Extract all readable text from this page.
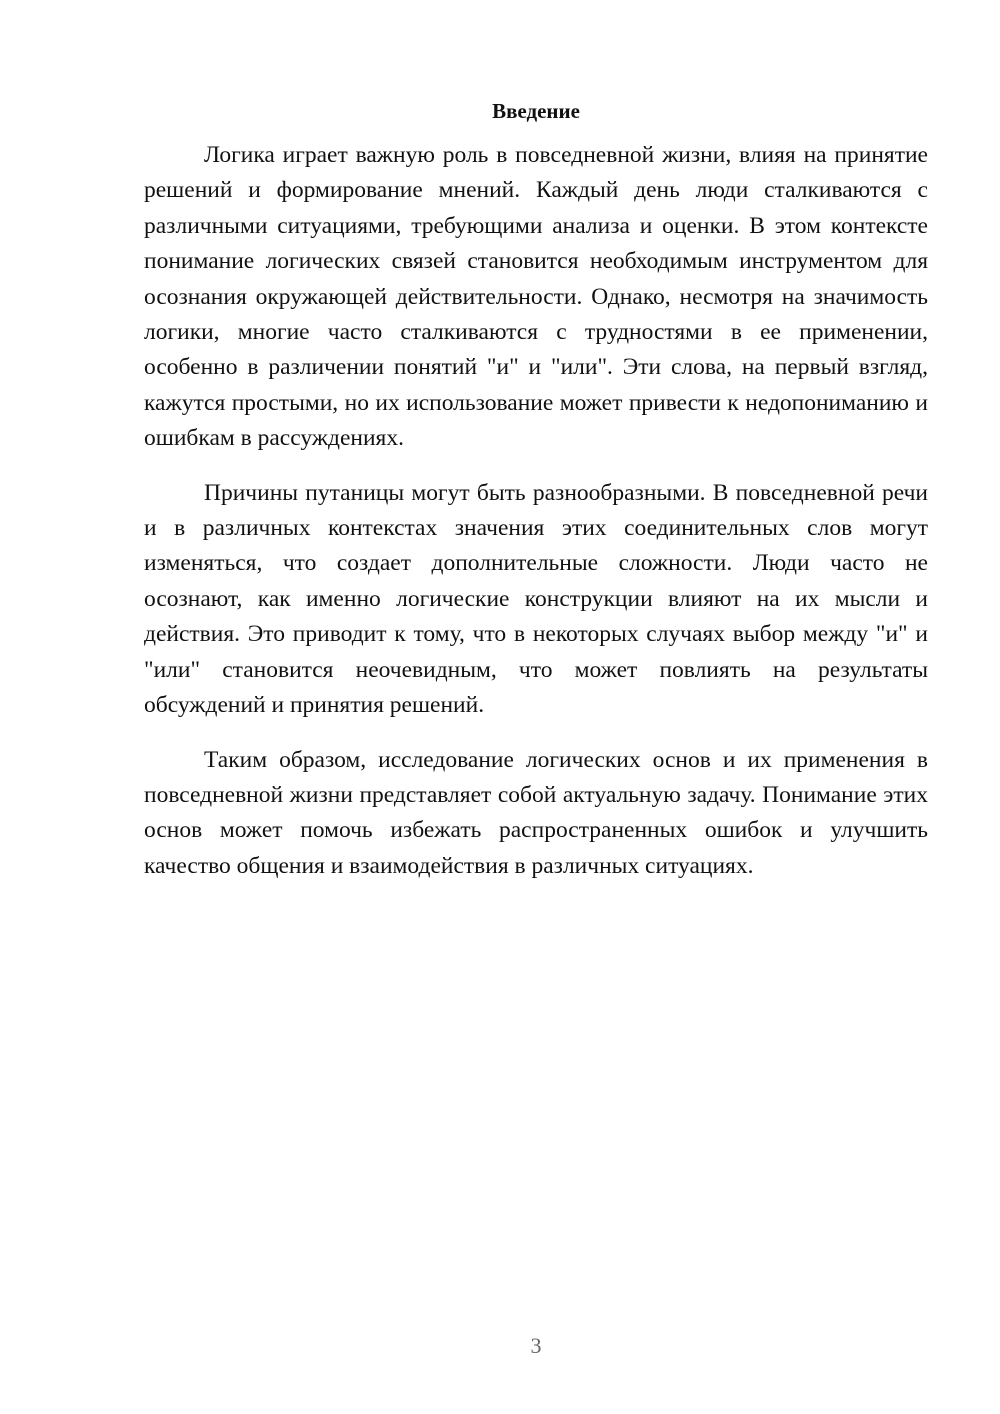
Введение

Логика играет важную роль в повседневной жизни, влияя на принятие решений и формирование мнений. Каждый день люди сталкиваются с различными ситуациями, требующими анализа и оценки. В этом контексте понимание логических связей становится необходимым инструментом для осознания окружающей действительности. Однако, несмотря на значимость логики, многие часто сталкиваются с трудностями в ее применении, особенно в различении понятий "и" и "или". Эти слова, на первый взгляд, кажутся простыми, но их использование может привести к недопониманию и ошибкам в рассуждениях.

Причины путаницы могут быть разнообразными. В повседневной речи и в различных контекстах значения этих соединительных слов могут изменяться, что создает дополнительные сложности. Люди часто не осознают, как именно логические конструкции влияют на их мысли и действия. Это приводит к тому, что в некоторых случаях выбор между "и" и "или" становится неочевидным, что может повлиять на результаты обсуждений и принятия решений.

Таким образом, исследование логических основ и их применения в повседневной жизни представляет собой актуальную задачу. Понимание этих основ может помочь избежать распространенных ошибок и улучшить качество общения и взаимодействия в различных ситуациях.

3
